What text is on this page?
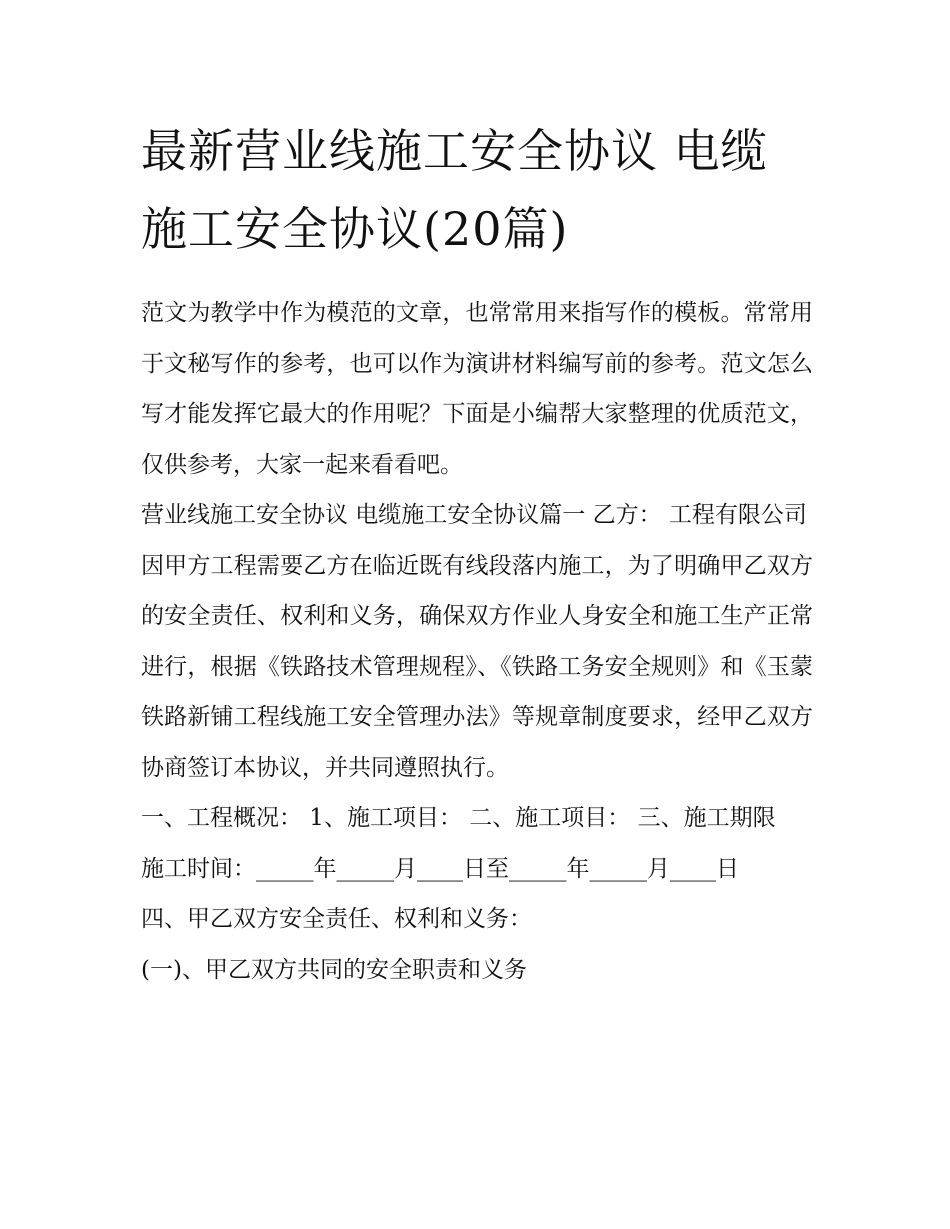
最新营业线施工安全协议 电缆施工安全协议(20篇)

范文为教学中作为模范的文章，也常常用来指写作的模板。常常用于文秘写作的参考，也可以作为演讲材料编写前的参考。范文怎么写才能发挥它最大的作用呢？下面是小编帮大家整理的优质范文，仅供参考，大家一起来看看吧。

营业线施工安全协议 电缆施工安全协议篇一 乙方： 工程有限公司

因甲方工程需要乙方在临近既有线段落内施工，为了明确甲乙双方的安全责任、权利和义务，确保双方作业人身安全和施工生产正常进行，根据《铁路技术管理规程》、《铁路工务安全规则》和《玉蒙铁路新铺工程线施工安全管理办法》等规章制度要求，经甲乙双方协商签订本协议，并共同遵照执行。

一、工程概况： 1、施工项目： 二、施工项目： 三、施工期限

施工时间：_____年_____月____日至_____年_____月____日

四、甲乙双方安全责任、权利和义务：

(一)、甲乙双方共同的安全职责和义务
